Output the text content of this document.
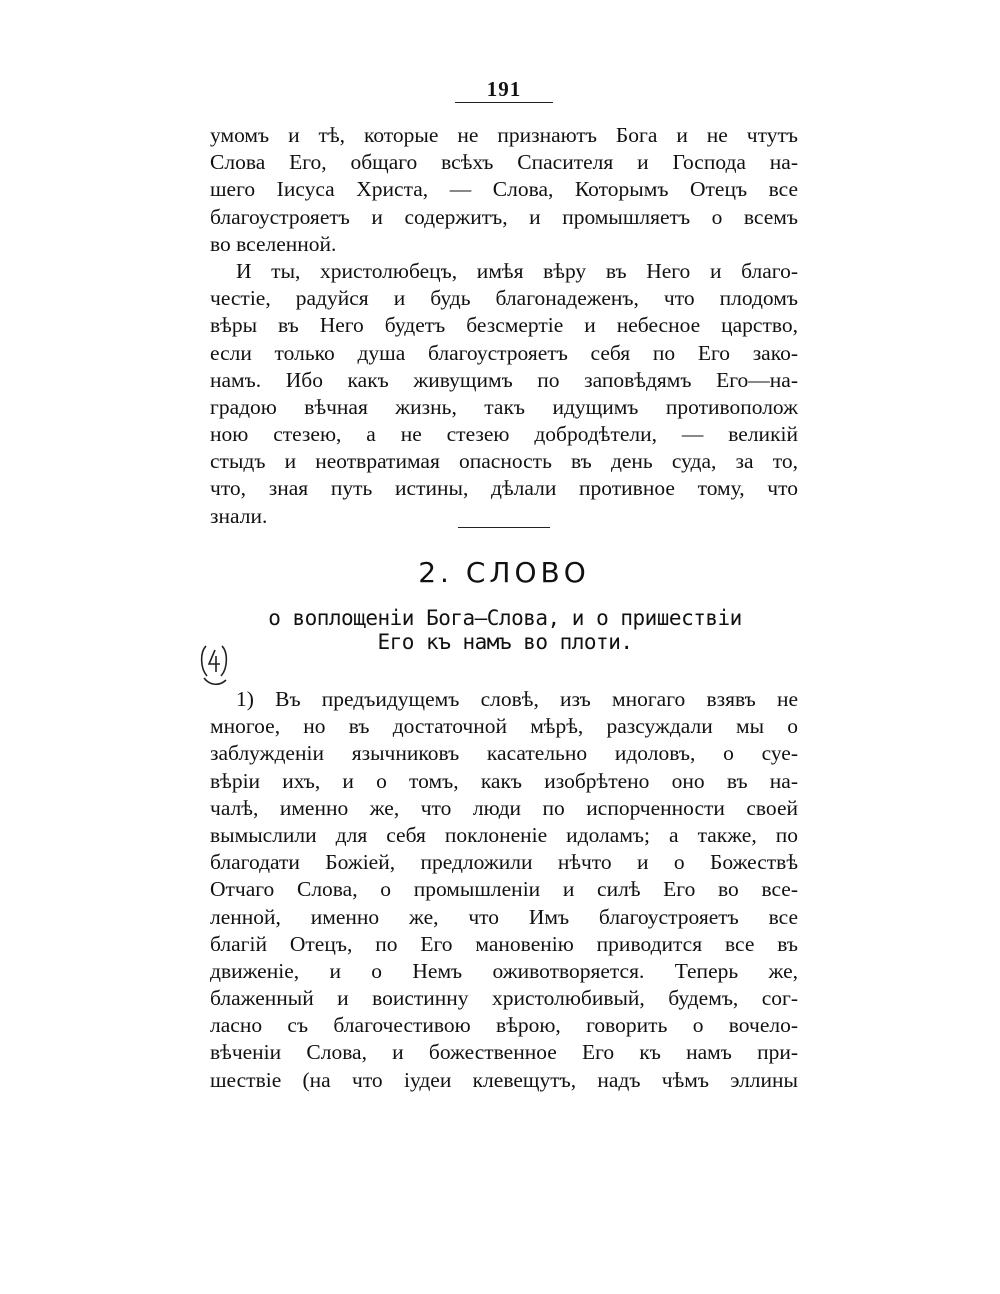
191
умомъ и тѣ, которые не признаютъ Бога и не чтутъ
Слова Его, общаго всѣхъ Спасителя и Господа на-
шего Іисуса Христа, — Слова, Которымъ Отецъ все
благоустрояетъ и содержитъ, и промышляетъ о всемъ
во вселенной.
И ты, христолюбецъ, имѣя вѣру въ Него и благо-
честіе, радуйся и будь благонадеженъ, что плодомъ
вѣры въ Него будетъ безсмертіе и небесное царство,
если только душа благоустрояетъ себя по Его зако-
намъ. Ибо какъ живущимъ по заповѣдямъ Его—на-
градою вѣчная жизнь, такъ идущимъ противополож
ною стезею, а не стезею добродѣтели, — великій
стыдъ и неотвратимая опасность въ день суда, за то,
что, зная путь истины, дѣлали противное тому, что
знали.
2. СЛОВО
о воплощеніи Бога—Слова, и о пришествіи
Его къ намъ во плоти.
1) Въ предъидущемъ словѣ, изъ многаго взявъ не
многое, но въ достаточной мѣрѣ, разсуждали мы о
заблужденіи язычниковъ касательно идоловъ, о суе-
вѣріи ихъ, и о томъ, какъ изобрѣтено оно въ на-
чалѣ, именно же, что люди по испорченности своей
вымыслили для себя поклоненіе идоламъ; а также, по
благодати Божіей, предложили нѣчто и о Божествѣ
Отчаго Слова, о промышленіи и силѣ Его во все-
ленной, именно же, что Имъ благоустрояетъ все
благій Отецъ, по Его мановенію приводится все въ
движеніе, и о Немъ оживотворяется. Теперь же,
блаженный и воистинну христолюбивый, будемъ, сог-
ласно съ благочестивою вѣрою, говорить о вочело-
вѣченіи Слова, и божественное Его къ намъ при-
шествіе (на что іудеи клевещутъ, надъ чѣмъ эллины
